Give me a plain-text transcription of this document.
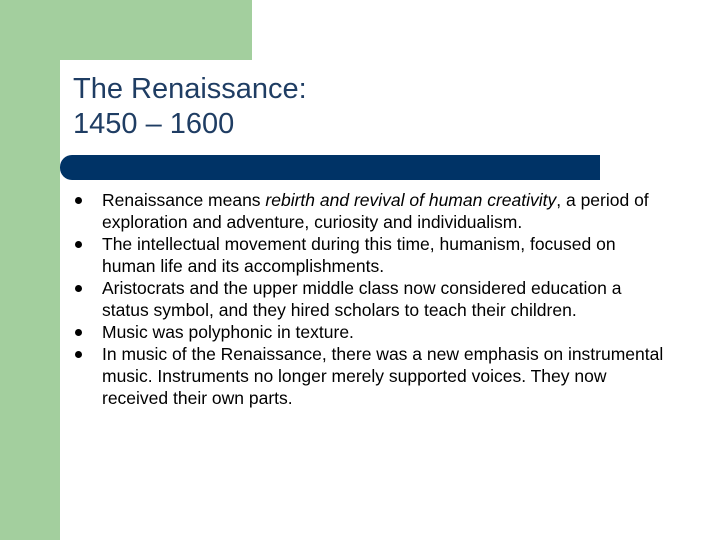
The Renaissance:
1450 – 1600
Renaissance means rebirth and revival of human creativity, a period of exploration and adventure, curiosity and individualism.
The intellectual movement during this time, humanism, focused on human life and its accomplishments.
Aristocrats and the upper middle class now considered education a status symbol, and they hired scholars to teach their children.
Music was polyphonic in texture.
In music of the Renaissance, there was a new emphasis on instrumental music. Instruments no longer merely supported voices. They now received their own parts.
